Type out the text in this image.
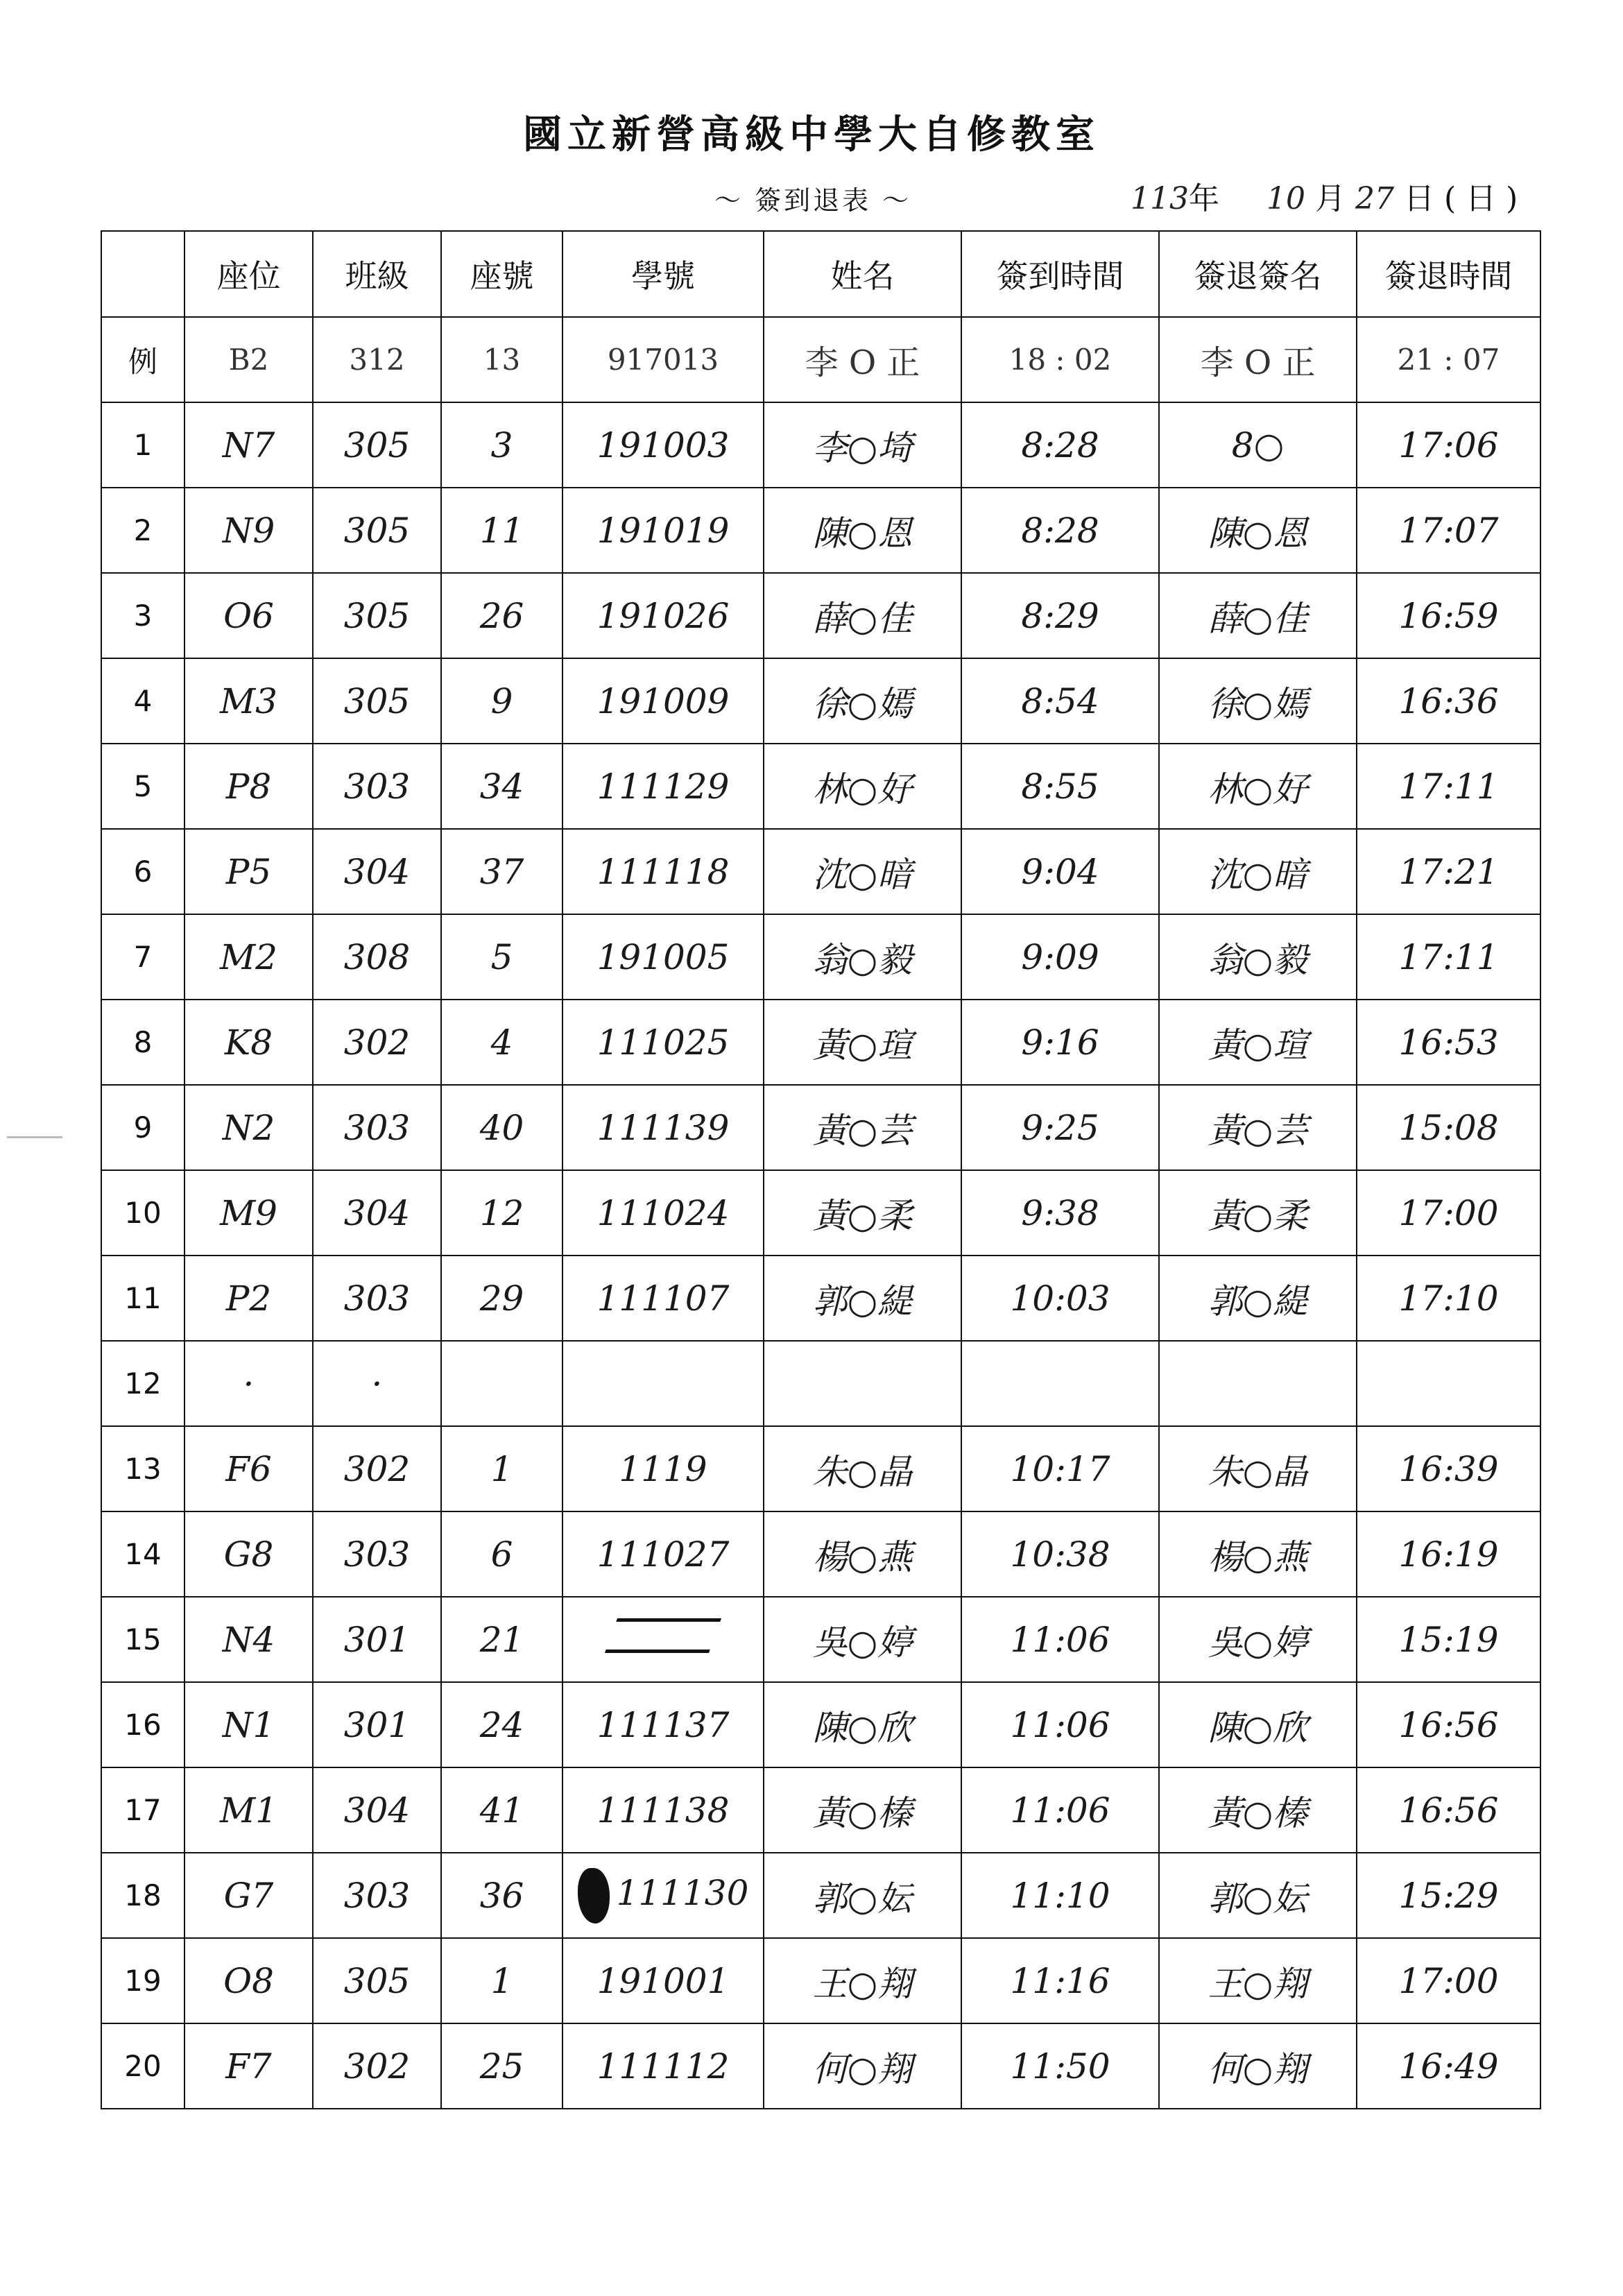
國立新營高級中學大自修教室
～ 簽到退表 ～	113年 10 月 27 日 ( 日 )
	座位	班級	座號	學號	姓名	簽到時間	簽退簽名	簽退時間
例	B2	312	13	917013	李 O 正	18 : 02	李 O 正	21 : 07
1	N7	305	3	191003	李○埼	8:28	8○	17:06
2	N9	305	11	191019	陳○恩	8:28	陳○恩	17:07
3	O6	305	26	191026	薛○佳	8:29	薛○佳	16:59
4	M3	305	9	191009	徐○嫣	8:54	徐○嫣	16:36
5	P8	303	34	111129	林○好	8:55	林○好	17:11
6	P5	304	37	111118	沈○暗	9:04	沈○暗	17:21
7	M2	308	5	191005	翁○毅	9:09	翁○毅	17:11
8	K8	302	4	111025	黃○瑄	9:16	黃○瑄	16:53
9	N2	303	40	111139	黃○芸	9:25	黃○芸	15:08
10	M9	304	12	111024	黃○柔	9:38	黃○柔	17:00
11	P2	303	29	111107	郭○緹	10:03	郭○緹	17:10
12	·	·						
13	F6	302	1	1119	朱○晶	10:17	朱○晶	16:39
14	G8	303	6	111027	楊○燕	10:38	楊○燕	16:19
15	N4	301	21		吳○婷	11:06	吳○婷	15:19
16	N1	301	24	111137	陳○欣	11:06	陳○欣	16:56
17	M1	304	41	111138	黃○榛	11:06	黃○榛	16:56
18	G7	303	36	111130	郭○妘	11:10	郭○妘	15:29
19	O8	305	1	191001	王○翔	11:16	王○翔	17:00
20	F7	302	25	111112	何○翔	11:50	何○翔	16:49
